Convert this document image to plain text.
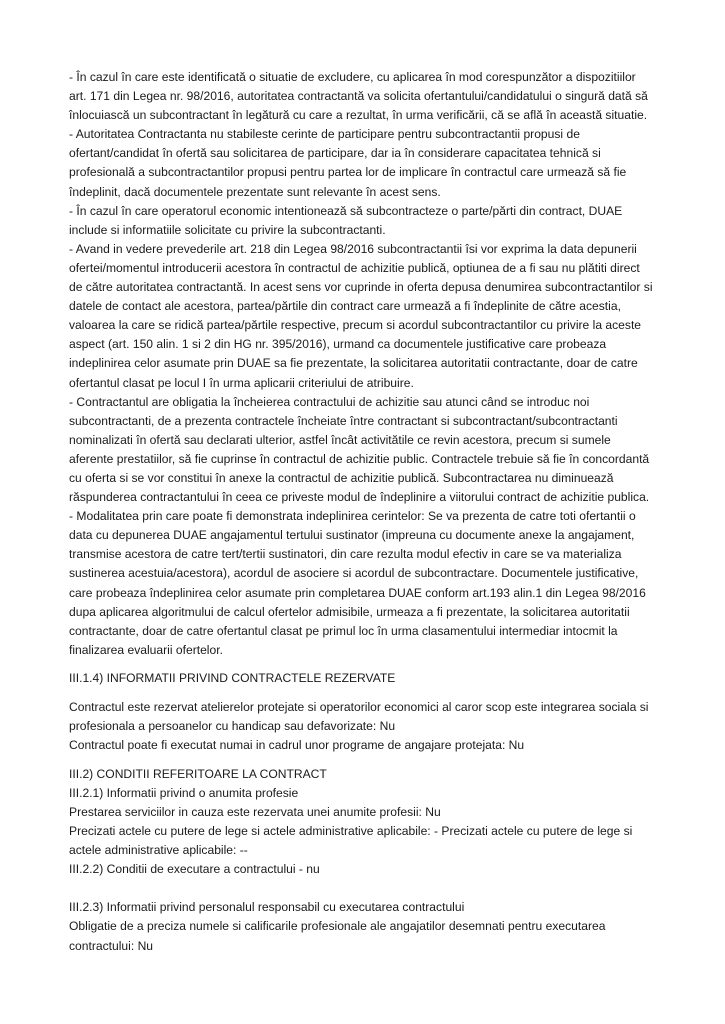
- În cazul în care este identificată o situatie de excludere, cu aplicarea în mod corespunzător a dispozitiilor art. 171 din Legea nr. 98/2016, autoritatea contractantă va solicita ofertantului/candidatului o singură dată să înlocuiască un subcontractant în legătură cu care a rezultat, în urma verificării, că se află în această situatie.

- Autoritatea Contractanta nu stabileste cerinte de participare pentru subcontractantii propusi de ofertant/candidat în ofertă sau solicitarea de participare, dar ia în considerare capacitatea tehnică si profesională a subcontractantilor propusi pentru partea lor de implicare în contractul care urmează să fie îndeplinit, dacă documentele prezentate sunt relevante în acest sens.

- În cazul în care operatorul economic intentionează să subcontracteze o parte/părti din contract, DUAE include si informatiile solicitate cu privire la subcontractanti.

- Avand in vedere prevederile art. 218 din Legea 98/2016 subcontractantii îsi vor exprima la data depunerii ofertei/momentul introducerii acestora în contractul de achizitie publică, optiunea de a fi sau nu plătiti direct de către autoritatea contractantă. In acest sens vor cuprinde in oferta depusa denumirea subcontractantilor si datele de contact ale acestora, partea/părtile din contract care urmează a fi îndeplinite de către acestia, valoarea la care se ridică partea/părtile respective, precum si acordul subcontractantilor cu privire la aceste aspect (art. 150 alin. 1 si 2 din HG nr. 395/2016), urmand ca documentele justificative care probeaza indeplinirea celor asumate prin DUAE sa fie prezentate, la solicitarea autoritatii contractante, doar de catre ofertantul clasat pe locul I în urma aplicarii criteriului de atribuire.

- Contractantul are obligatia la încheierea contractului de achizitie sau atunci când se introduc noi subcontractanti, de a prezenta contractele încheiate între contractant si subcontractant/subcontractanti nominalizati în ofertă sau declarati ulterior, astfel încât activitătile ce revin acestora, precum si sumele aferente prestatiilor, să fie cuprinse în contractul de achizitie public. Contractele trebuie să fie în concordantă cu oferta si se vor constitui în anexe la contractul de achizitie publică. Subcontractarea nu diminuează răspunderea contractantului în ceea ce priveste modul de îndeplinire a viitorului contract de achizitie publica. - Modalitatea prin care poate fi demonstrata indeplinirea cerintelor: Se va prezenta de catre toti ofertantii o data cu depunerea DUAE angajamentul tertului sustinator (impreuna cu documente anexe la angajament, transmise acestora de catre tert/tertii sustinatori, din care rezulta modul efectiv in care se va materializa sustinerea acestuia/acestora), acordul de asociere si acordul de subcontractare. Documentele justificative, care probeaza îndeplinirea celor asumate prin completarea DUAE conform art.193 alin.1 din Legea 98/2016 dupa aplicarea algoritmului de calcul ofertelor admisibile, urmeaza a fi prezentate, la solicitarea autoritatii contractante, doar de catre ofertantul clasat pe primul loc în urma clasamentului intermediar intocmit la finalizarea evaluarii ofertelor.

III.1.4) INFORMATII PRIVIND CONTRACTELE REZERVATE

Contractul este rezervat atelierelor protejate si operatorilor economici al caror scop este integrarea sociala si profesionala a persoanelor cu handicap sau defavorizate: Nu

Contractul poate fi executat numai in cadrul unor programe de angajare protejata: Nu

III.2) CONDITII REFERITOARE LA CONTRACT

III.2.1) Informatii privind o anumita profesie

Prestarea serviciilor in cauza este rezervata unei anumite profesii: Nu

Precizati actele cu putere de lege si actele administrative aplicabile: - Precizati actele cu putere de lege si actele administrative aplicabile: --

III.2.2) Conditii de executare a contractului - nu

III.2.3) Informatii privind personalul responsabil cu executarea contractului

Obligatie de a preciza numele si calificarile profesionale ale angajatilor desemnati pentru executarea contractului: Nu
